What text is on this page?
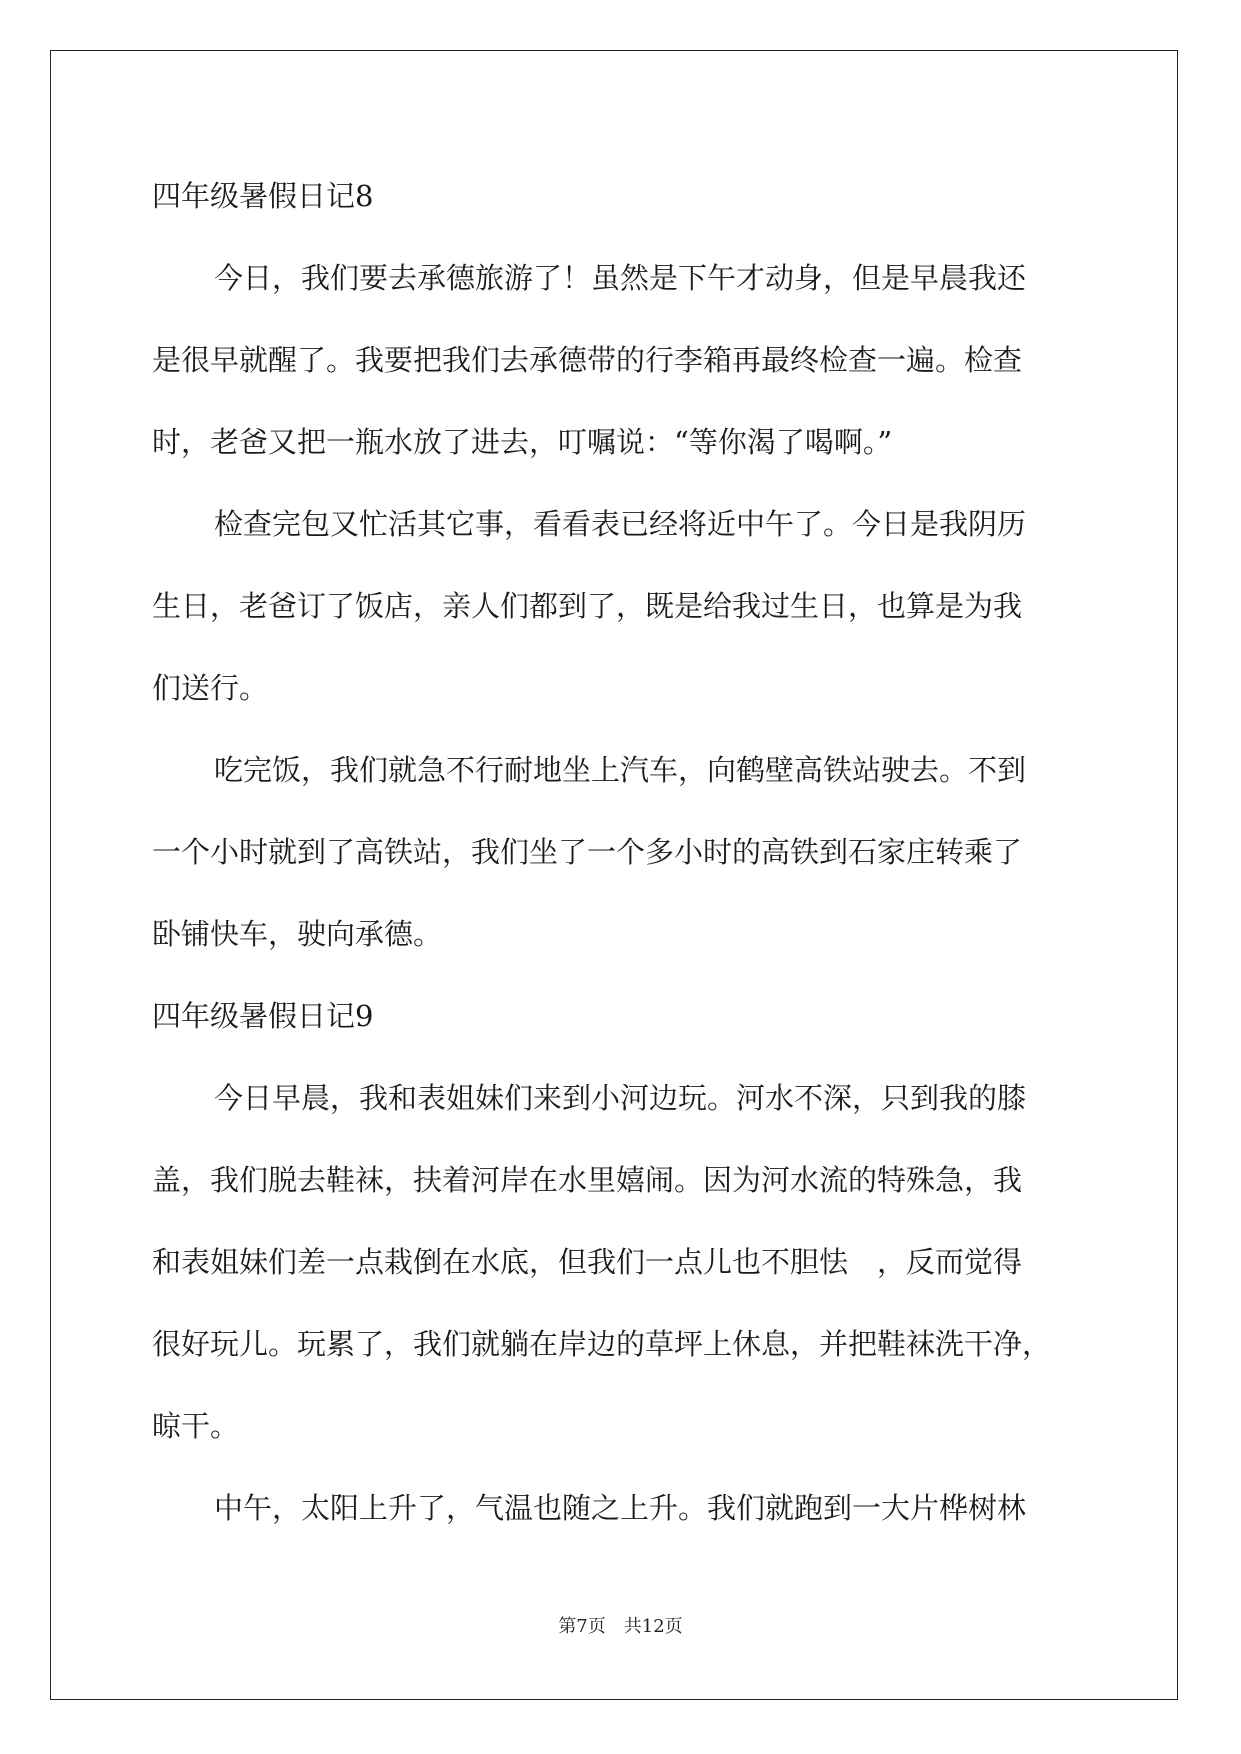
四年级暑假日记8
今日，我们要去承德旅游了！虽然是下午才动身，但是早晨我还
是很早就醒了。我要把我们去承德带的行李箱再最终检查一遍。检查
时，老爸又把一瓶水放了进去，叮嘱说：“等你渴了喝啊。”
检查完包又忙活其它事，看看表已经将近中午了。今日是我阴历
生日，老爸订了饭店，亲人们都到了，既是给我过生日，也算是为我
们送行。
吃完饭，我们就急不行耐地坐上汽车，向鹤壁高铁站驶去。不到
一个小时就到了高铁站，我们坐了一个多小时的高铁到石家庄转乘了
卧铺快车，驶向承德。
四年级暑假日记9
今日早晨，我和表姐妹们来到小河边玩。河水不深，只到我的膝
盖，我们脱去鞋袜，扶着河岸在水里嬉闹。因为河水流的特殊急，我
和表姐妹们差一点栽倒在水底，但我们一点儿也不胆怯　，反而觉得
很好玩儿。玩累了，我们就躺在岸边的草坪上休息，并把鞋袜洗干净，
晾干。
中午，太阳上升了，气温也随之上升。我们就跑到一大片桦树林
第7页　共12页
